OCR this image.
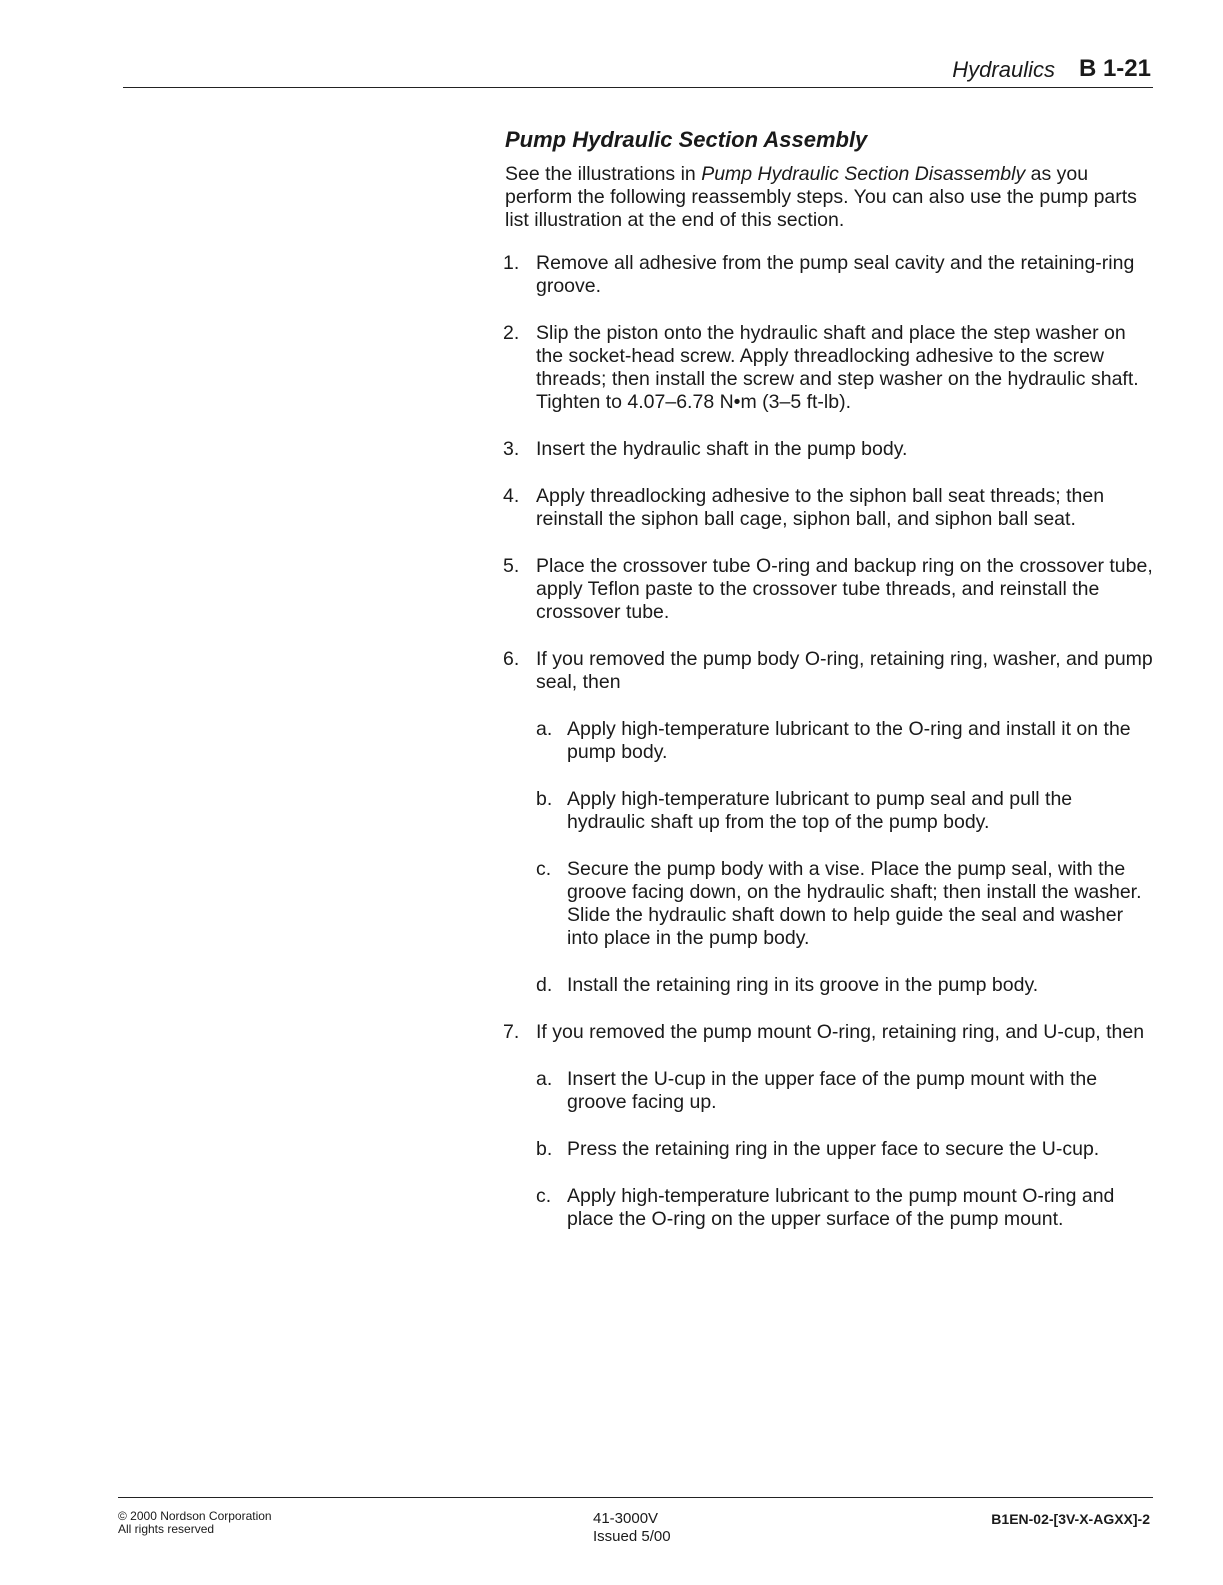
Hydraulics B 1-21
Pump Hydraulic Section Assembly

See the illustrations in Pump Hydraulic Section Disassembly as you perform the following reassembly steps. You can also use the pump parts list illustration at the end of this section.

1. Remove all adhesive from the pump seal cavity and the retaining-ring groove.
2. Slip the piston onto the hydraulic shaft and place the step washer on the socket-head screw. Apply threadlocking adhesive to the screw threads; then install the screw and step washer on the hydraulic shaft. Tighten to 4.07–6.78 N•m (3–5 ft-lb).
3. Insert the hydraulic shaft in the pump body.
4. Apply threadlocking adhesive to the siphon ball seat threads; then reinstall the siphon ball cage, siphon ball, and siphon ball seat.
5. Place the crossover tube O-ring and backup ring on the crossover tube, apply Teflon paste to the crossover tube threads, and reinstall the crossover tube.
6. If you removed the pump body O-ring, retaining ring, washer, and pump seal, then
a. Apply high-temperature lubricant to the O-ring and install it on the pump body.
b. Apply high-temperature lubricant to pump seal and pull the hydraulic shaft up from the top of the pump body.
c. Secure the pump body with a vise. Place the pump seal, with the groove facing down, on the hydraulic shaft; then install the washer. Slide the hydraulic shaft down to help guide the seal and washer into place in the pump body.
d. Install the retaining ring in its groove in the pump body.
7. If you removed the pump mount O-ring, retaining ring, and U-cup, then
a. Insert the U-cup in the upper face of the pump mount with the groove facing up.
b. Press the retaining ring in the upper face to secure the U-cup.
c. Apply high-temperature lubricant to the pump mount O-ring and place the O-ring on the upper surface of the pump mount.
© 2000 Nordson Corporation
All rights reserved
41-3000V
Issued 5/00
B1EN-02-[3V-X-AGXX]-2
